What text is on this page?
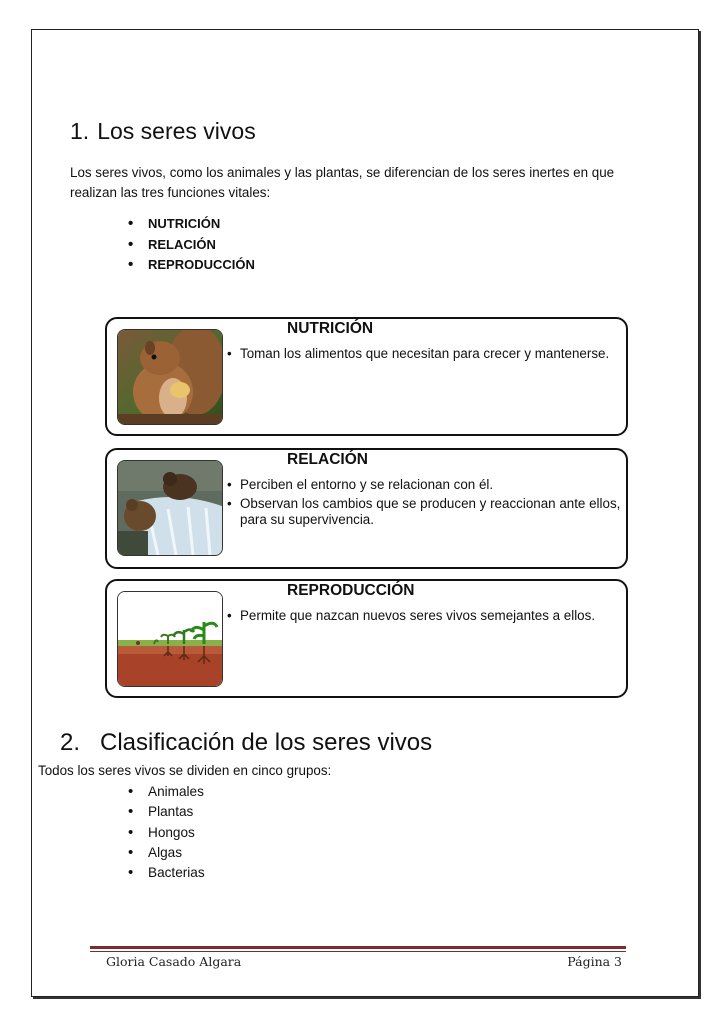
1. Los seres vivos
Los seres vivos, como los animales y las plantas, se diferencian de los seres inertes en que realizan las tres funciones vitales:
• NUTRICIÓN
• RELACIÓN
• REPRODUCCIÓN
NUTRICIÓN
• Toman los alimentos que necesitan para crecer y mantenerse.
RELACIÓN
• Perciben el entorno y se relacionan con él.
• Observan los cambios que se producen y reaccionan ante ellos, para su supervivencia.
REPRODUCCIÓN
• Permite que nazcan nuevos seres vivos semejantes a ellos.
2. Clasificación de los seres vivos
Todos los seres vivos se dividen en cinco grupos:
• Animales
• Plantas
• Hongos
• Algas
• Bacterias
Gloria Casado Algara	Página 3
